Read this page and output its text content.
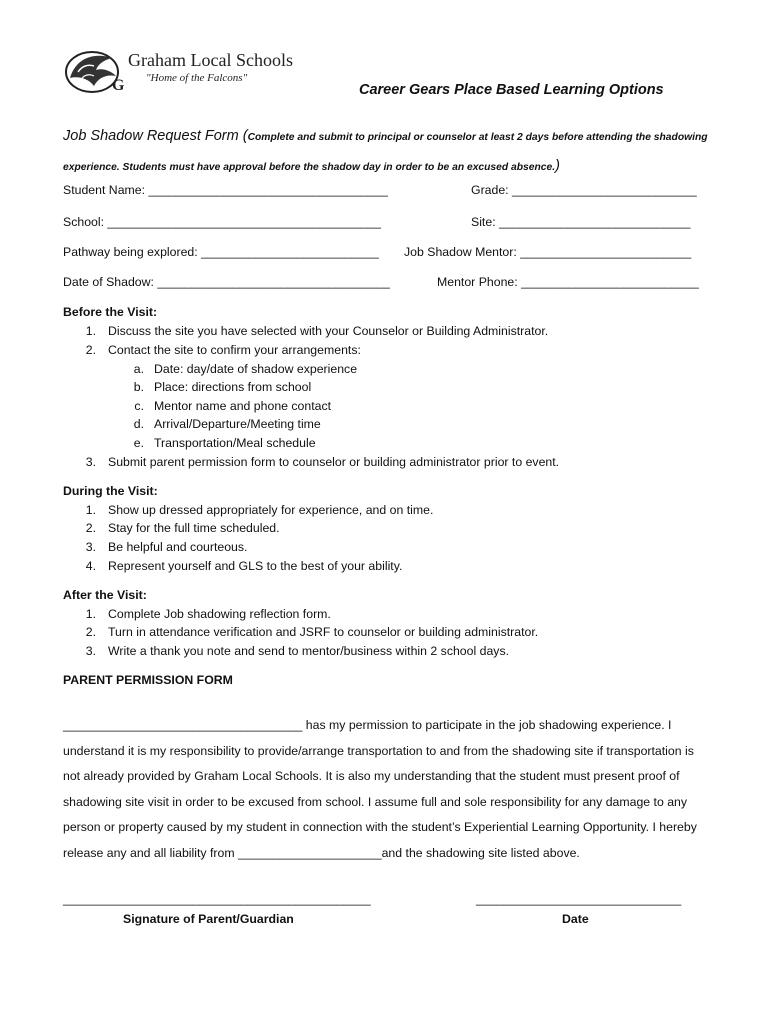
G
Graham Local Schools
"Home of the Falcons"
Career Gears Place Based Learning Options
Job Shadow Request Form (Complete and submit to principal or counselor at least 2 days before attending the shadowing experience. Students must have approval before the shadow day in order to be an excused absence.)
Student Name: ___________________________________	Grade: ___________________________
School: ________________________________________	Site: ____________________________
Pathway being explored: __________________________ Job Shadow Mentor: _________________________
Date of Shadow: __________________________________	Mentor Phone: __________________________
Before the Visit:
1. Discuss the site you have selected with your Counselor or Building Administrator.
2. Contact the site to confirm your arrangements:
a. Date: day/date of shadow experience
b. Place: directions from school
c. Mentor name and phone contact
d. Arrival/Departure/Meeting time
e. Transportation/Meal schedule
3. Submit parent permission form to counselor or building administrator prior to event.
During the Visit:
1. Show up dressed appropriately for experience, and on time.
2. Stay for the full time scheduled.
3. Be helpful and courteous.
4. Represent yourself and GLS to the best of your ability.
After the Visit:
1. Complete Job shadowing reflection form.
2. Turn in attendance verification and JSRF to counselor or building administrator.
3. Write a thank you note and send to mentor/business within 2 school days.
PARENT PERMISSION FORM
___________________________________ has my permission to participate in the job shadowing experience. I understand it is my responsibility to provide/arrange transportation to and from the shadowing site if transportation is not already provided by Graham Local Schools. It is also my understanding that the student must present proof of shadowing site visit in order to be excused from school. I assume full and sole responsibility for any damage to any person or property caused by my student in connection with the student’s Experiential Learning Opportunity. I hereby release any and all liability from _____________________and the shadowing site listed above.
_____________________________________________
Signature of Parent/Guardian
______________________________
Date
